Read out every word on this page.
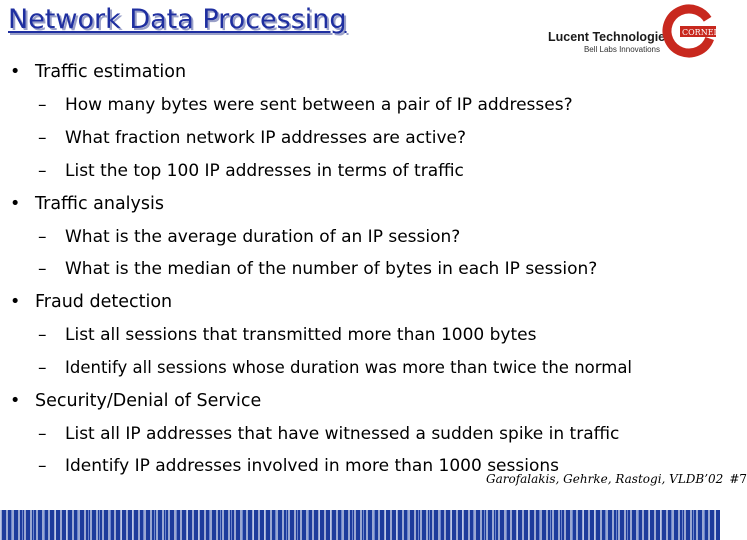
Network Data Processing
Lucent Technologies
Bell Labs Innovations
CORNELL
• Traffic estimation
– How many bytes were sent between a pair of IP addresses?
– What fraction network IP addresses are active?
– List the top 100 IP addresses in terms of traffic
• Traffic analysis
– What is the average duration of an IP session?
– What is the median of the number of bytes in each IP session?
• Fraud detection
– List all sessions that transmitted more than 1000 bytes
– Identify all sessions whose duration was more than twice the normal
• Security/Denial of Service
– List all IP addresses that have witnessed a sudden spike in traffic
– Identify IP addresses involved in more than 1000 sessions
Garofalakis, Gehrke, Rastogi, VLDB’02 #7
